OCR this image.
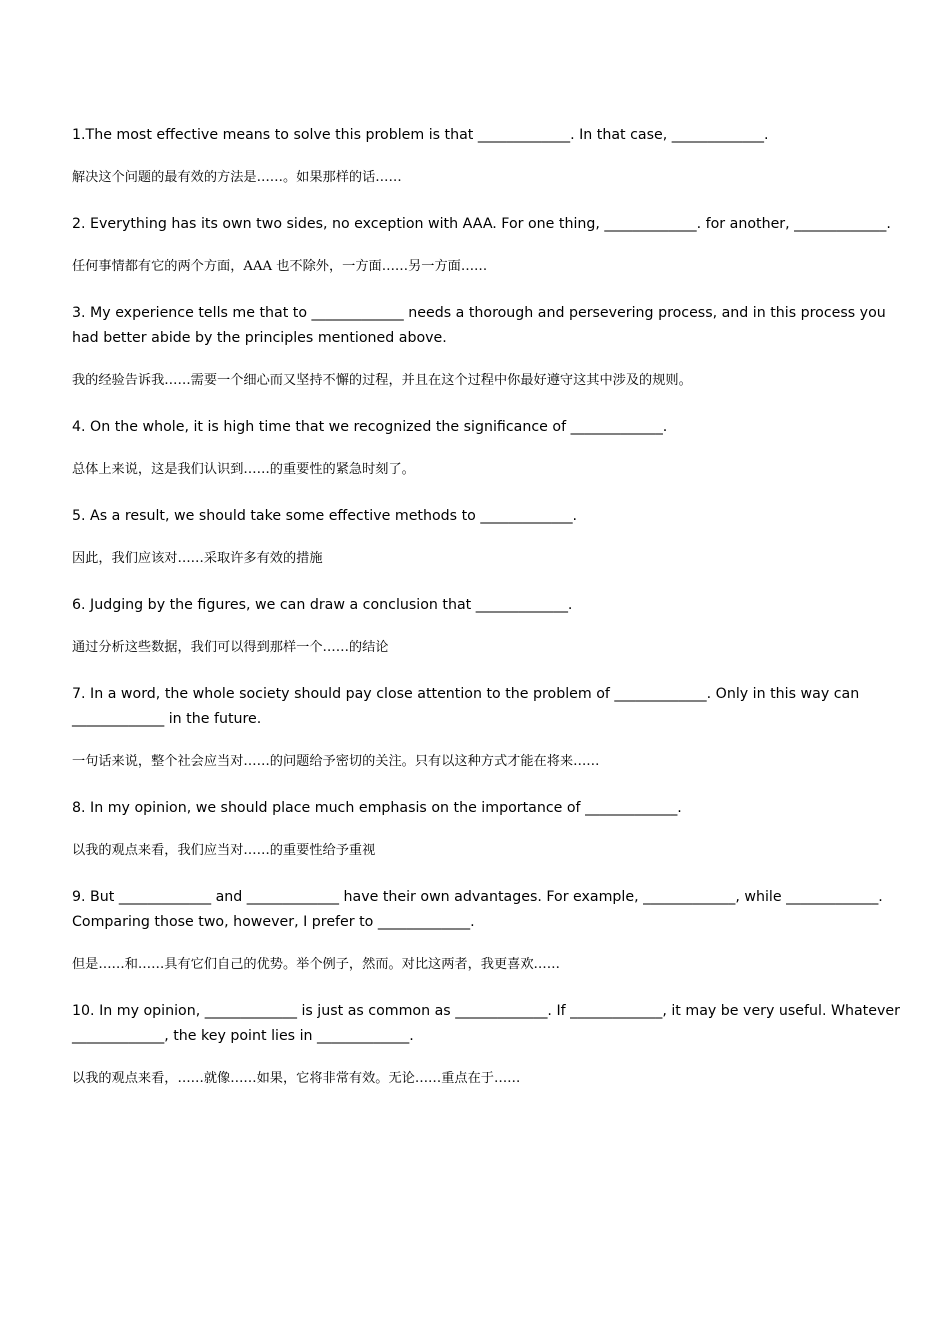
1.The most effective means to solve this problem is that _____________. In that case, _____________.

解决这个问题的最有效的方法是……。如果那样的话……

2. Everything has its own two sides, no exception with AAA. For one thing, _____________. for another, _____________.

任何事情都有它的两个方面，AAA 也不除外，一方面……另一方面……

3. My experience tells me that to _____________ needs a thorough and persevering process, and in this process you had better abide by the principles mentioned above.

我的经验告诉我……需要一个细心而又坚持不懈的过程，并且在这个过程中你最好遵守这其中涉及的规则。

4. On the whole, it is high time that we recognized the significance of _____________.

总体上来说，这是我们认识到……的重要性的紧急时刻了。

5. As a result, we should take some effective methods to _____________.

因此，我们应该对……采取许多有效的措施

6. Judging by the figures, we can draw a conclusion that _____________.

通过分析这些数据，我们可以得到那样一个……的结论

7. In a word, the whole society should pay close attention to the problem of _____________. Only in this way can _____________ in the future.

一句话来说，整个社会应当对……的问题给予密切的关注。只有以这种方式才能在将来……

8. In my opinion, we should place much emphasis on the importance of _____________.

以我的观点来看，我们应当对……的重要性给予重视

9. But _____________ and _____________ have their own advantages. For example, _____________, while _____________. Comparing those two, however, I prefer to _____________.

但是……和……具有它们自己的优势。举个例子，然而。对比这两者，我更喜欢……

10. In my opinion, _____________ is just as common as _____________. If _____________, it may be very useful. Whatever _____________, the key point lies in _____________.

以我的观点来看，……就像……如果，它将非常有效。无论……重点在于……
